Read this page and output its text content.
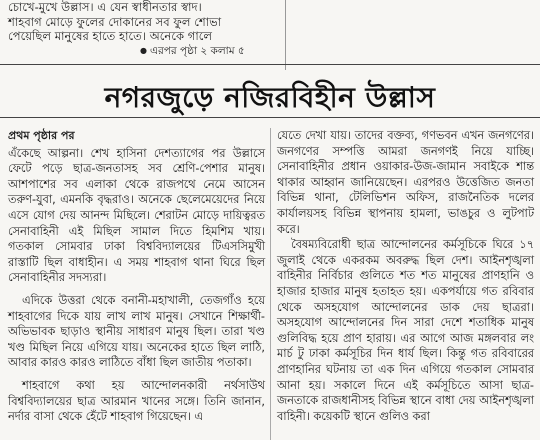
চোখে-মুখে উল্লাস। এ যেন স্বাধীনতার স্বাদ।

শাহবাগ মোড়ে ফুলের দোকানের সব ফুল শোভা

পেয়েছিল মানুষের হাতে হাতে। অনেকে গালে

● এরপর পৃষ্ঠা ২ কলাম ৫
নগরজুড়ে নজিরবিহীন উল্লাস

প্রথম পৃষ্ঠার পর

এঁকেছে আল্পনা। শেখ হাসিনা দেশত্যাগের পর উল্লাসে ফেটে পড়ে ছাত্র-জনতাসহ সব শ্রেণি-পেশার মানুষ। আশপাশের সব এলাকা থেকে রাজপথে নেমে আসেন তরুণ-যুবা, এমনকি বৃদ্ধরাও। অনেকে ছেলেমেয়েদের নিয়ে এসে যোগ দেয় আনন্দ মিছিলে। শেরাটন মোড়ে দায়িত্বরত সেনাবাহিনী এই মিছিল সামাল দিতে হিমশিম খায়। গতকাল সোমবার ঢাকা বিশ্ববিদ্যালয়ের টিএসসিমুখী রাস্তাটি ছিল বাধাহীন। এ সময় শাহবাগ থানা ঘিরে ছিল সেনাবাহিনীর সদস্যরা।

এদিকে উত্তরা থেকে বনানী-মহাখালী, তেজগাঁও হয়ে শাহবাগের দিকে যায় লাখ লাখ মানুষ। সেখানে শিক্ষার্থী-অভিভাবক ছাড়াও স্থানীয় সাধারণ মানুষ ছিল। তারা খণ্ড খণ্ড মিছিল নিয়ে এগিয়ে যায়। অনেকের হাতে ছিল লাঠি, আবার কারও কারও লাঠিতে বাঁধা ছিল জাতীয় পতাকা।

শাহবাগে কথা হয় আন্দোলনকারী নর্থসাউথ বিশ্ববিদ্যালয়ের ছাত্র আরমান খানের সঙ্গে। তিনি জানান, নর্দার বাসা থেকে হেঁটে শাহবাগ গিয়েছেন। এ

যেতে দেখা যায়। তাদের বক্তব্য, গণভবন এখন জনগণের। জনগণের সম্পত্তি আমরা জনগণই নিয়ে যাচ্ছি। সেনাবাহিনীর প্রধান ওয়াকার-উজ-জামান সবাইকে শান্ত থাকার আহ্বান জানিয়েছেন। এরপরও উত্তেজিত জনতা বিভিন্ন থানা, টেলিভিশন অফিস, রাজনৈতিক দলের কার্যালয়সহ বিভিন্ন স্থাপনায় হামলা, ভাঙচুর ও লুটপাট করে।

বৈষম্যবিরোধী ছাত্র আন্দোলনের কর্মসূচিকে ঘিরে ১৭ জুলাই থেকে একরকম অবরুদ্ধ ছিল দেশ। আইনশৃঙ্খলা বাহিনীর নির্বিচার গুলিতে শত শত মানুষের প্রাণহানি ও হাজার হাজার মানুষ হতাহত হয়। একপর্যায়ে গত রবিবার থেকে অসহযোগ আন্দোলনের ডাক দেয় ছাত্ররা। অসহযোগ আন্দোলনের দিন সারা দেশে শতাধিক মানুষ গুলিবিদ্ধ হয়ে প্রাণ হারায়। এর আগে আজ মঙ্গলবার লং মার্চ টু ঢাকা কর্মসূচির দিন ধার্য ছিল। কিন্তু গত রবিবারের প্রাণহানির ঘটনায় তা এক দিন এগিয়ে গতকাল সোমবার আনা হয়। সকালে দিনে এই কর্মসূচিতে আসা ছাত্র-জনতাকে রাজধানীসহ বিভিন্ন স্থানে বাধা দেয় আইনশৃঙ্খলা বাহিনী। কয়েকটি স্থানে গুলিও করা
